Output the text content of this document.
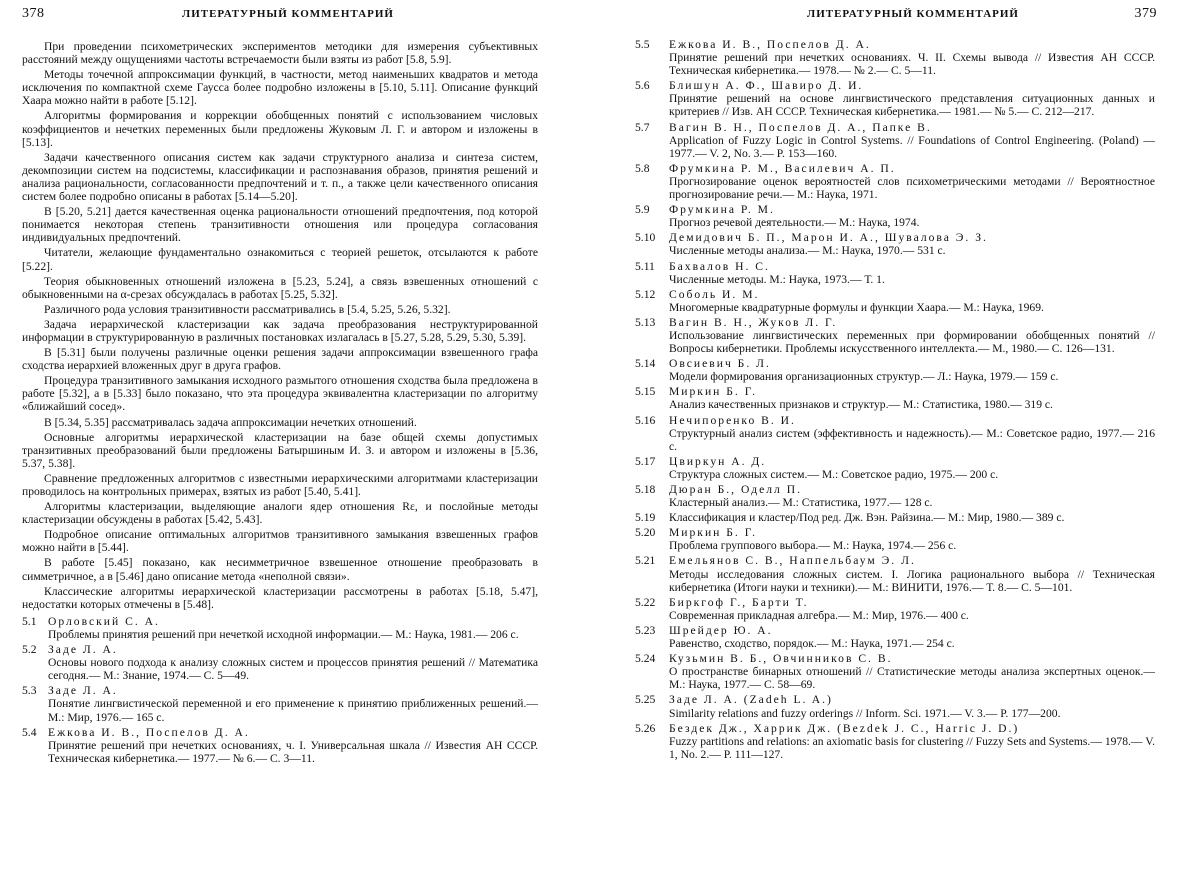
378	ЛИТЕРАТУРНЫЙ КОММЕНТАРИЙ

При проведении психометрических экспериментов методики для измерения субъективных расстояний между ощущениями частоты встречаемости были взяты из работ [5.8, 5.9].

Методы точечной аппроксимации функций, в частности, метод наименьших квадратов и метода исключения по компактной схеме Гаусса более подробно изложены в [5.10, 5.11]. Описание функций Хаара можно найти в работе [5.12].

Алгоритмы формирования и коррекции обобщенных понятий с использованием числовых коэффициентов и нечетких переменных были предложены Жуковым Л. Г. и автором и изложены в [5.13].

Задачи качественного описания систем как задачи структурного анализа и синтеза систем, декомпозиции систем на подсистемы, классификации и распознавания образов, принятия решений и анализа рациональности, согласованности предпочтений и т. п., а также цели качественного описания систем более подробно описаны в работах [5.14—5.20].

В [5.20, 5.21] дается качественная оценка рациональности отношений предпочтения, под которой понимается некоторая степень транзитивности отношения или процедура согласования индивидуальных предпочтений.

Читатели, желающие фундаментально ознакомиться с теорией решеток, отсылаются к работе [5.22].

Теория обыкновенных отношений изложена в [5.23, 5.24], а связь взвешенных отношений с обыкновенными на α-срезах обсуждалась в работах [5.25, 5.32].

Различного рода условия транзитивности рассматривались в [5.4, 5.25, 5.26, 5.32].

Задача иерархической кластеризации как задача преобразования неструктурированной информации в структурированную в различных постановках излагалась в [5.27, 5.28, 5.29, 5.30, 5.39].

В [5.31] были получены различные оценки решения задачи аппроксимации взвешенного графа сходства иерархией вложенных друг в друга графов.

Процедура транзитивного замыкания исходного размытого отношения сходства была предложена в работе [5.32], а в [5.33] было показано, что эта процедура эквивалентна кластеризации по алгоритму «ближайший сосед».

В [5.34, 5.35] рассматривалась задача аппроксимации нечетких отношений.

Основные алгоритмы иерархической кластеризации на базе общей схемы допустимых транзитивных преобразований были предложены Батыршиным И. З. и автором и изложены в [5.36, 5.37, 5.38].

Сравнение предложенных алгоритмов с известными иерархическими алгоритмами кластеризации проводилось на контрольных примерах, взятых из работ [5.40, 5.41].

Алгоритмы кластеризации, выделяющие аналоги ядер отношения Rε, и послойные методы кластеризации обсуждены в работах [5.42, 5.43].

Подробное описание оптимальных алгоритмов транзитивного замыкания взвешенных графов можно найти в [5.44].

В работе [5.45] показано, как несимметричное взвешенное отношение преобразовать в симметричное, а в [5.46] дано описание метода «неполной связи».

Классические алгоритмы иерархической кластеризации рассмотрены в работах [5.18, 5.47], недостатки которых отмечены в [5.48].

5.1 Орловский С. А.
Проблемы принятия решений при нечеткой исходной информации.— М.: Наука, 1981.— 206 с.
5.2 Заде Л. А.
Основы нового подхода к анализу сложных систем и процессов принятия решений // Математика сегодня.— М.: Знание, 1974.— С. 5—49.
5.3 Заде Л. А.
Понятие лингвистической переменной и его применение к принятию приближенных решений.— М.: Мир, 1976.— 165 с.
5.4 Ежкова И. В., Поспелов Д. А.
Принятие решений при нечетких основаниях, ч. I. Универсальная шкала // Известия АН СССР. Техническая кибернетика.— 1977.— № 6.— С. 3—11.
ЛИТЕРАТУРНЫЙ КОММЕНТАРИЙ	379
5.5	Ежкова И. В., Поспелов Д. А.
Принятие решений при нечетких основаниях. Ч. II. Схемы вывода // Известия АН СССР. Техническая кибернетика.— 1978.— № 2.— С. 5—11.
5.6	Блишун А. Ф., Шавиро Д. И.
Принятие решений на основе лингвистического представления ситуационных данных и критериев // Изв. АН СССР. Техническая кибернетика.— 1981.— № 5.— С. 212—217.
5.7	Вагин В. Н., Поспелов Д. А., Папке В.
Application of Fuzzy Logic in Control Systems. // Foundations of Control Engineering. (Poland) — 1977.— V. 2, No. 3.— P. 153—160.
5.8	Фрумкина Р. М., Василевич А. П.
Прогнозирование оценок вероятностей слов психометрическими методами // Вероятностное прогнозирование речи.— М.: Наука, 1971.
5.9	Фрумкина Р. М.
Прогноз речевой деятельности.— М.: Наука, 1974.
5.10	Демидович Б. П., Марон И. А., Шувалова Э. З.
Численные методы анализа.— М.: Наука, 1970.— 531 с.
5.11	Бахвалов Н. С.
Численные методы. М.: Наука, 1973.— Т. 1.
5.12	Соболь И. М.
Многомерные квадратурные формулы и функции Хаара.— М.: Наука, 1969.
5.13	Вагин В. Н., Жуков Л. Г.
Использование лингвистических переменных при формировании обобщенных понятий // Вопросы кибернетики. Проблемы искусственного интеллекта.— М., 1980.— С. 126—131.
5.14	Овсиевич Б. Л.
Модели формирования организационных структур.— Л.: Наука, 1979.— 159 с.
5.15	Миркин Б. Г.
Анализ качественных признаков и структур.— М.: Статистика, 1980.— 319 с.
5.16	Нечипоренко В. И.
Структурный анализ систем (эффективность и надежность).— М.: Советское радио, 1977.— 216 с.
5.17	Цвиркун А. Д.
Структура сложных систем.— М.: Советское радио, 1975.— 200 с.
5.18	Дюран Б., Оделл П.
Кластерный анализ.— М.: Статистика, 1977.— 128 с.
5.19	Классификация и кластер/Под ред. Дж. Вэн. Райзина.— М.: Мир, 1980.— 389 с.
5.20	Миркин Б. Г.
Проблема группового выбора.— М.: Наука, 1974.— 256 с.
5.21	Емельянов С. В., Наппельбаум Э. Л.
Методы исследования сложных систем. I. Логика рационального выбора // Техническая кибернетика (Итоги науки и техники).— М.: ВИНИТИ, 1976.— Т. 8.— С. 5—101.
5.22	Биркгоф Г., Барти Т.
Современная прикладная алгебра.— М.: Мир, 1976.— 400 с.
5.23	Шрейдер Ю. А.
Равенство, сходство, порядок.— М.: Наука, 1971.— 254 с.
5.24	Кузьмин В. Б., Овчинников С. В.
О пространстве бинарных отношений // Статистические методы анализа экспертных оценок.— М.: Наука, 1977.— С. 58—69.
5.25	Заде Л. А. (Zadeh L. A.)
Similarity relations and fuzzy orderings // Inform. Sci. 1971.— V. 3.— P. 177—200.
5.26	Бездек Дж., Харрик Дж. (Bezdek J. C., Harric J. D.)
Fuzzy partitions and relations: an axiomatic basis for clustering // Fuzzy Sets and Systems.— 1978.— V. 1, No. 2.— P. 111—127.
